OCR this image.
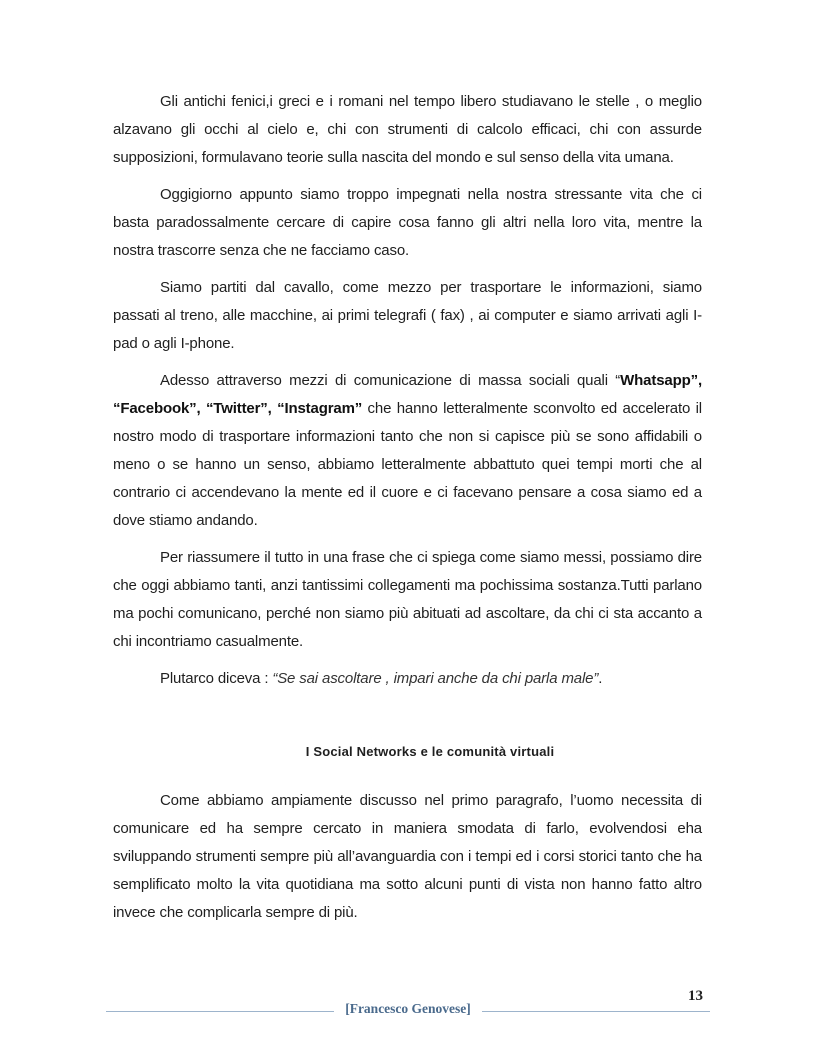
Gli antichi fenici,i greci e i romani nel tempo libero studiavano le stelle , o meglio alzavano gli occhi al cielo e, chi con strumenti di calcolo efficaci, chi con assurde supposizioni, formulavano teorie sulla nascita del mondo e sul senso della vita umana.

Oggigiorno appunto siamo troppo impegnati nella nostra stressante vita che ci basta paradossalmente cercare di capire cosa fanno gli altri nella loro vita, mentre la nostra trascorre senza che ne facciamo caso.

Siamo partiti dal cavallo, come mezzo per trasportare le informazioni, siamo passati al treno, alle macchine, ai primi telegrafi ( fax) , ai computer e siamo arrivati agli I-pad o agli I-phone.

Adesso attraverso mezzi di comunicazione di massa sociali quali “Whatsapp”, “Facebook”, “Twitter”, “Instagram” che hanno letteralmente sconvolto ed accelerato il nostro modo di trasportare informazioni tanto che non si capisce più se sono affidabili o meno o se hanno un senso, abbiamo letteralmente abbattuto quei tempi morti che al contrario ci accendevano la mente ed il cuore e ci facevano pensare a cosa siamo ed a dove stiamo andando.

Per riassumere il tutto in una frase che ci spiega come siamo messi, possiamo dire che oggi abbiamo tanti, anzi tantissimi collegamenti ma pochissima sostanza.Tutti parlano ma pochi comunicano, perché non siamo più abituati ad ascoltare, da chi ci sta accanto a chi incontriamo casualmente.

Plutarco diceva : “Se sai ascoltare , impari anche da chi parla male”.

I Social Networks e le comunità virtuali

Come abbiamo ampiamente discusso nel primo paragrafo, l’uomo necessita di comunicare ed ha sempre cercato in maniera smodata di farlo, evolvendosi eha sviluppando strumenti sempre più all’avanguardia con i tempi ed i corsi storici tanto che ha semplificato molto la vita quotidiana ma sotto alcuni punti di vista non hanno fatto altro invece che complicarla sempre di più.

13
[Francesco Genovese]
